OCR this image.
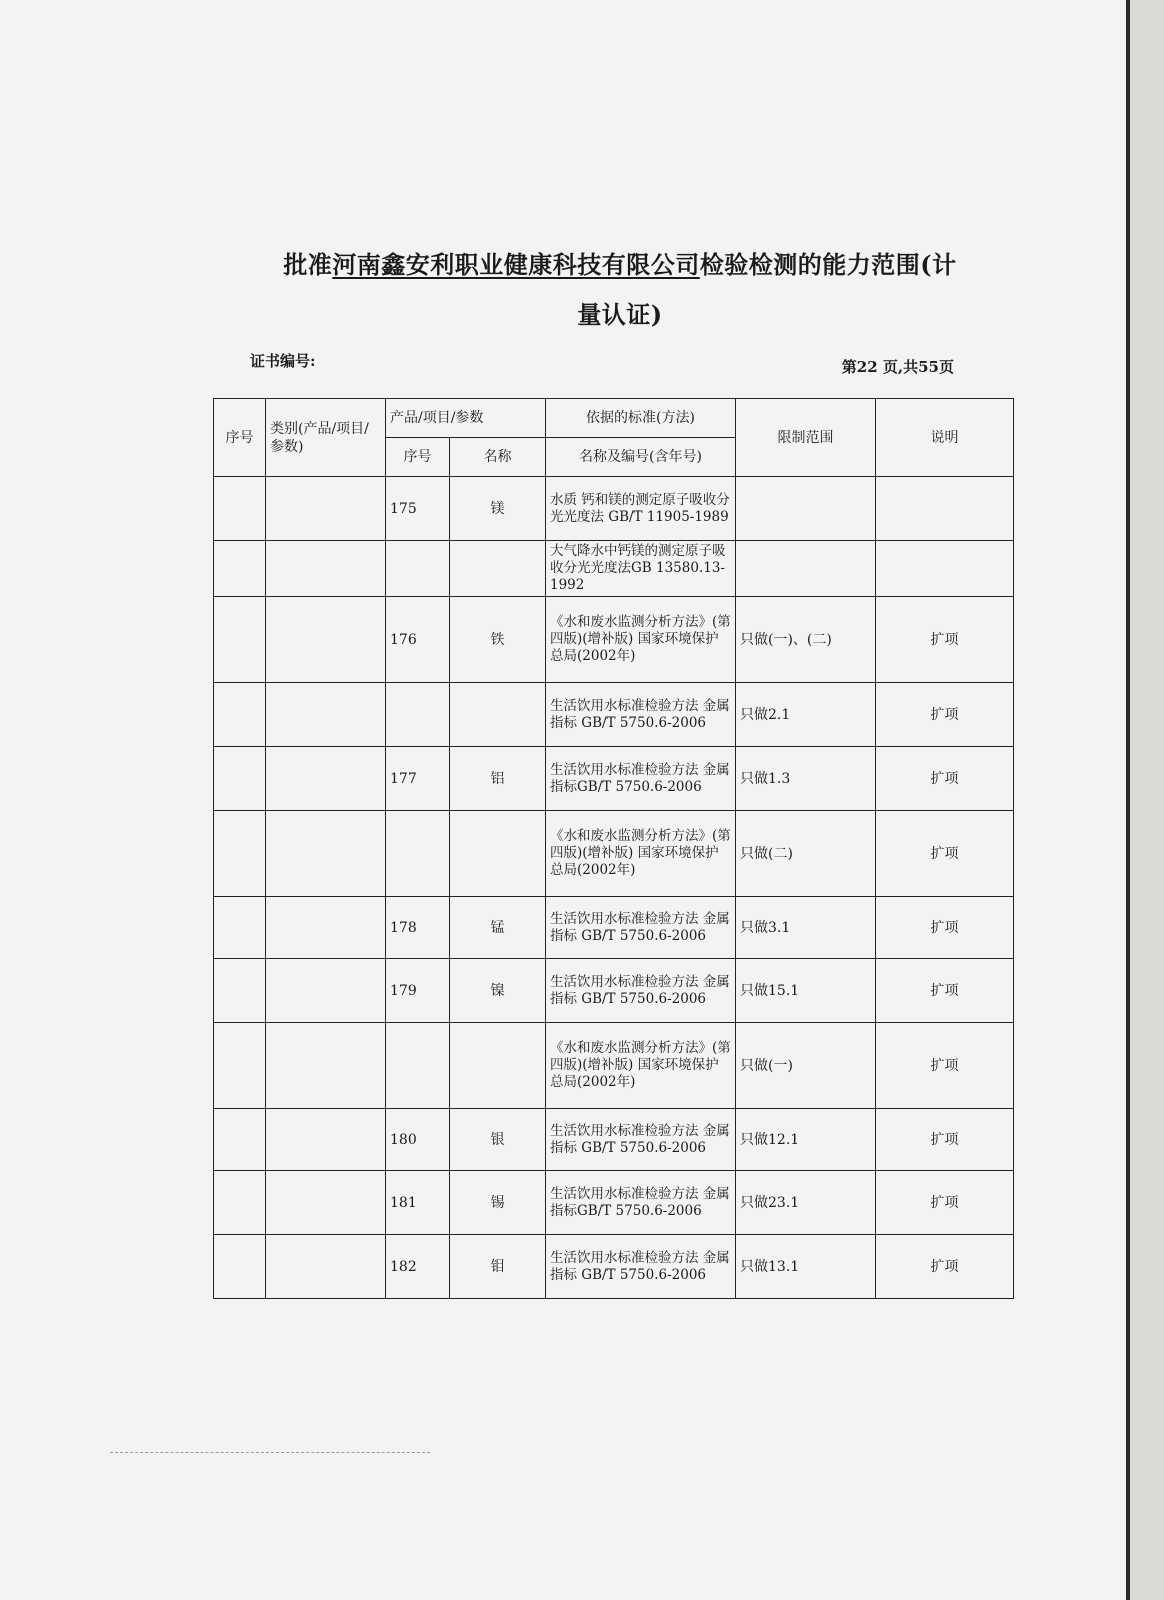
批准河南鑫安利职业健康科技有限公司检验检测的能力范围(计
量认证)
证书编号:	第22 页,共55页
序号	类别(产品/项目/参数)	产品/项目/参数		依据的标准(方法)	限制范围	说明
		序号	名称	名称及编号(含年号)		
		175	镁	水质 钙和镁的测定原子吸收分光光度法 GB/T 11905-1989		
				大气降水中钙镁的测定原子吸收分光光度法GB 13580.13-1992		
		176	铁	《水和废水监测分析方法》(第四版)(增补版) 国家环境保护总局(2002年)	只做(一)、(二)	扩项
				生活饮用水标准检验方法 金属指标 GB/T 5750.6-2006	只做2.1	扩项
		177	铝	生活饮用水标准检验方法 金属指标GB/T 5750.6-2006	只做1.3	扩项
				《水和废水监测分析方法》(第四版)(增补版) 国家环境保护总局(2002年)	只做(二)	扩项
		178	锰	生活饮用水标准检验方法 金属指标 GB/T 5750.6-2006	只做3.1	扩项
		179	镍	生活饮用水标准检验方法 金属指标 GB/T 5750.6-2006	只做15.1	扩项
				《水和废水监测分析方法》(第四版)(增补版) 国家环境保护总局(2002年)	只做(一)	扩项
		180	银	生活饮用水标准检验方法 金属指标 GB/T 5750.6-2006	只做12.1	扩项
		181	锡	生活饮用水标准检验方法 金属指标GB/T 5750.6-2006	只做23.1	扩项
		182	钼	生活饮用水标准检验方法 金属指标 GB/T 5750.6-2006	只做13.1	扩项
